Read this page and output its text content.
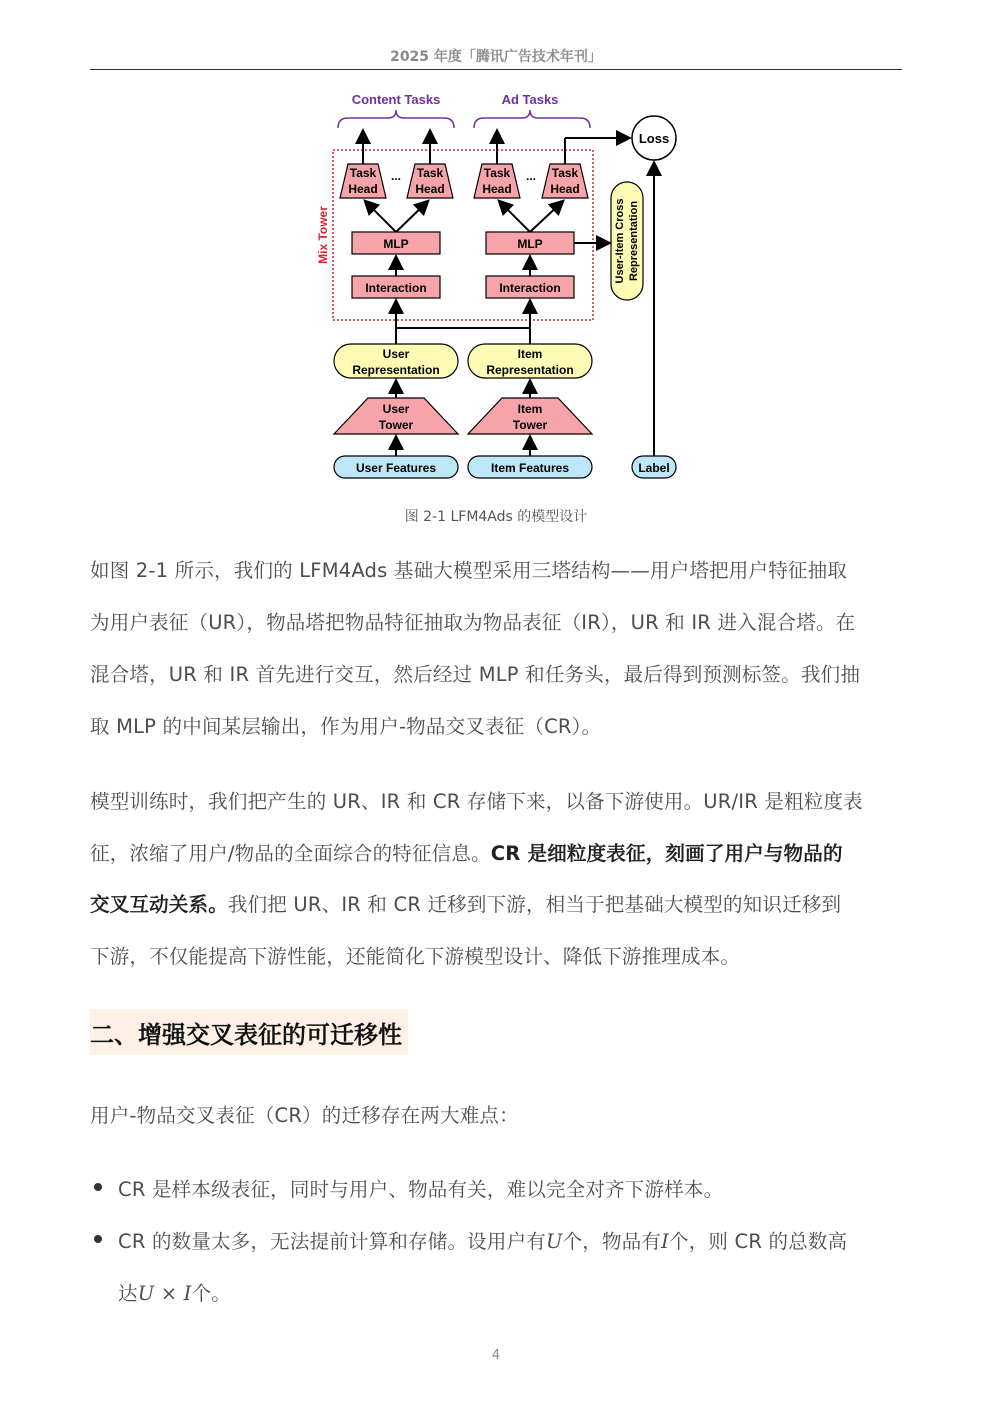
2025 年度「腾讯广告技术年刊」
Content Tasks	Ad Tasks
Loss
Mix Tower
Task
Head
... Task
Head
Task
Head
... Task
Head
MLP	MLP	User-Item Cross Representation
Interaction	Interaction
User
Representation
Item
Representation
User
Tower
Item
Tower
User Features	Item Features	Label
图 2-1 LFM4Ads 的模型设计
如图 2-1 所示，我们的 LFM4Ads 基础大模型采用三塔结构——用户塔把用户特征抽取
为用户表征（UR），物品塔把物品特征抽取为物品表征（IR），UR 和 IR 进入混合塔。在
混合塔，UR 和 IR 首先进行交互，然后经过 MLP 和任务头，最后得到预测标签。我们抽
取 MLP 的中间某层输出，作为用户-物品交叉表征（CR）。
模型训练时，我们把产生的 UR、IR 和 CR 存储下来，以备下游使用。UR/IR 是粗粒度表
征，浓缩了用户/物品的全面综合的特征信息。CR 是细粒度表征，刻画了用户与物品的
交叉互动关系。我们把 UR、IR 和 CR 迁移到下游，相当于把基础大模型的知识迁移到
下游，不仅能提高下游性能，还能简化下游模型设计、降低下游推理成本。
二、增强交叉表征的可迁移性
用户-物品交叉表征（CR）的迁移存在两大难点：
CR 是样本级表征，同时与用户、物品有关，难以完全对齐下游样本。
CR 的数量太多，无法提前计算和存储。设用户有U个，物品有I个，则 CR 的总数高
达U × I个。
4
